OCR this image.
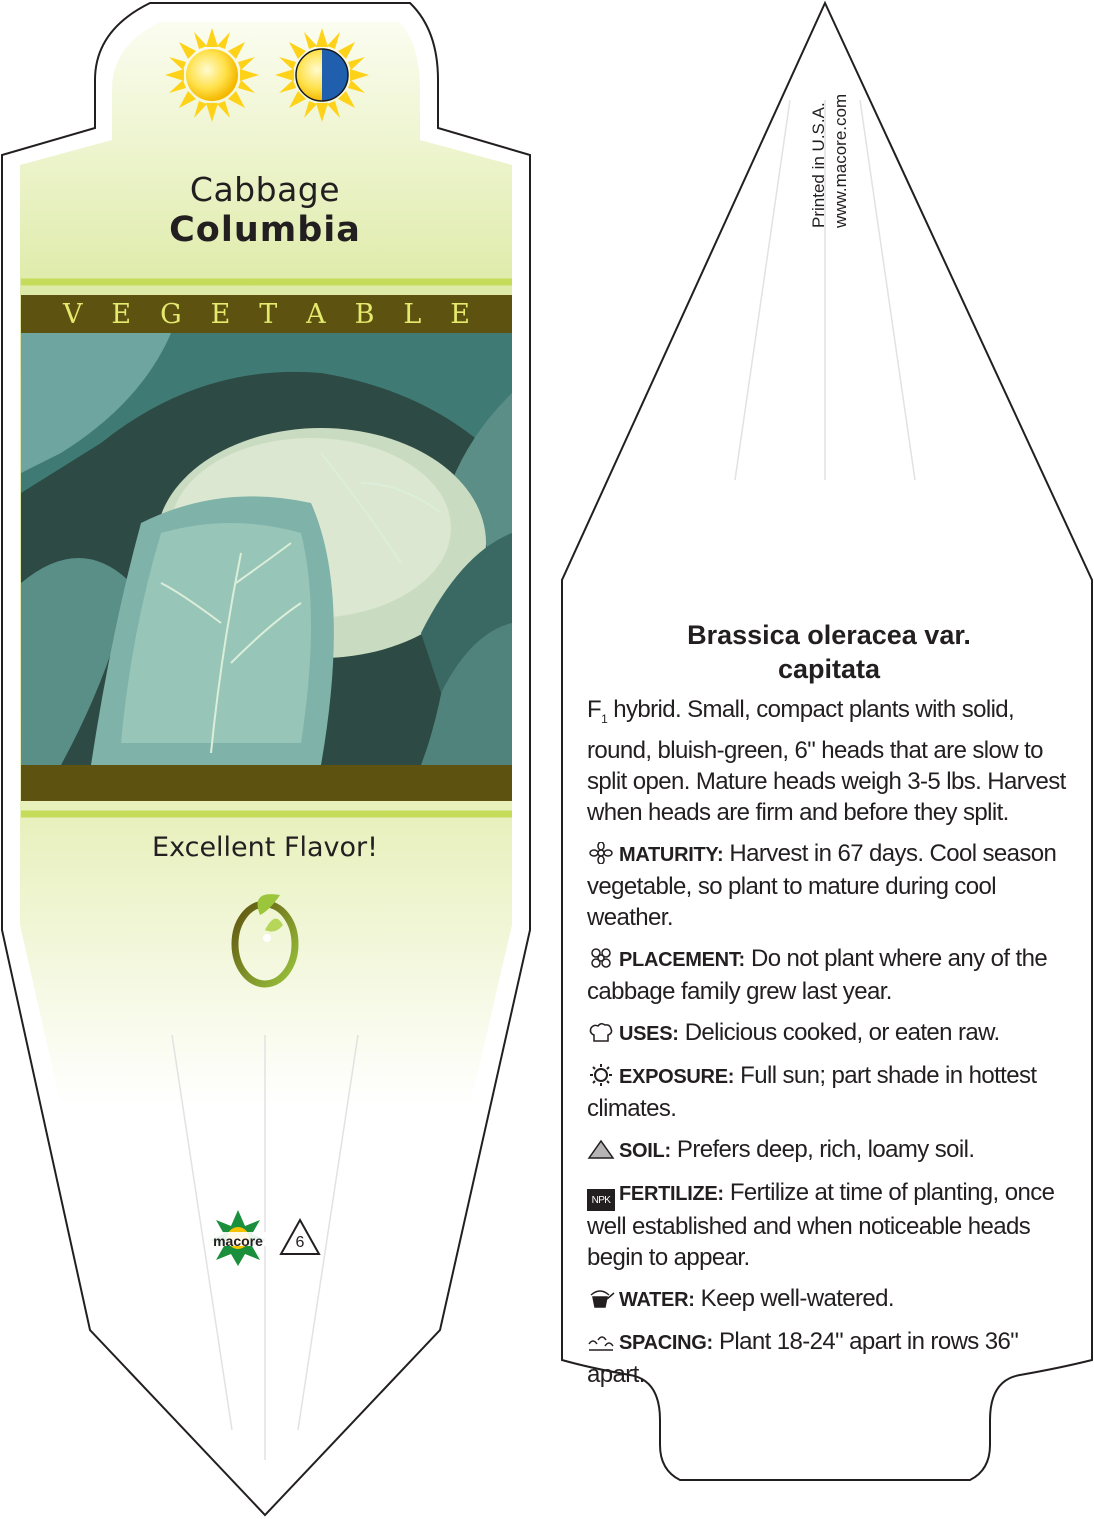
Cabbage
Columbia
V E G E T A B L E
Excellent Flavor!
macore	6
Printed in U.S.A. www.macore.com
Brassica oleracea var.
capitata
$F_1$ hybrid. Small, compact plants with solid, round, bluish-green, 6" heads that are slow to split open. Mature heads weigh 3-5 lbs. Harvest when heads are firm and before they split.
MATURITY: Harvest in 67 days. Cool season vegetable, so plant to mature during cool weather.
PLACEMENT: Do not plant where any of the cabbage family grew last year.
USES: Delicious cooked, or eaten raw.
EXPOSURE: Full sun; part shade in hottest climates.
SOIL: Prefers deep, rich, loamy soil.
NPK FERTILIZE: Fertilize at time of planting, once well established and when noticeable heads begin to appear.
WATER: Keep well-watered.
SPACING: Plant 18-24" apart in rows 36" apart.
